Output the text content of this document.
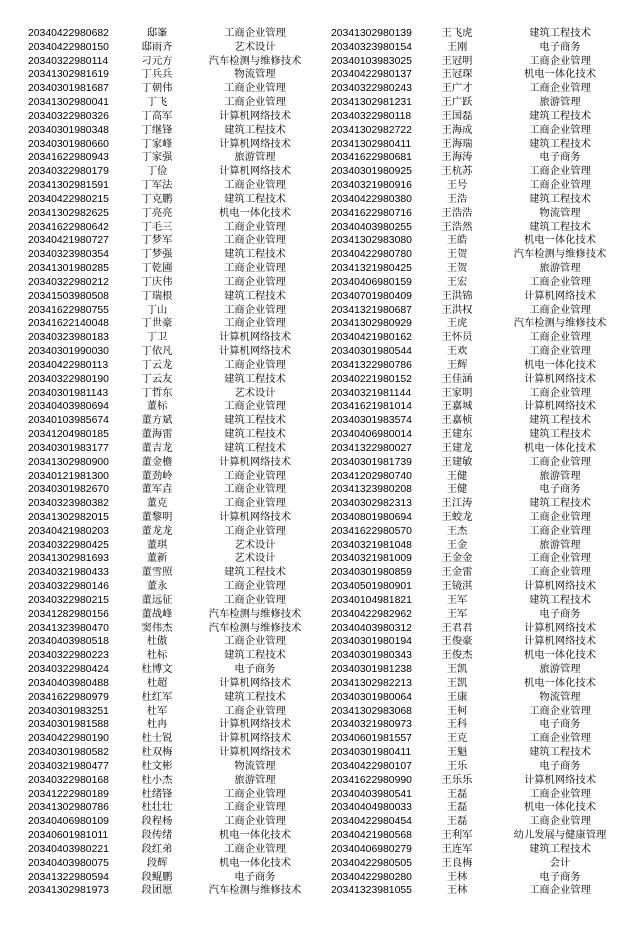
20340422980682	邸峯	工商企业管理
20340422980150	邸雨齐	艺术设计
20340322980114	刁元方	汽车检测与维修技术
20341302981619	丁兵兵	物流管理
20340301981687	丁朝伟	工商企业管理
20341302980041	丁飞	工商企业管理
20340322980326	丁高军	计算机网络技术
20340301980348	丁继锋	建筑工程技术
20340301980660	丁家峰	计算机网络技术
20341622980943	丁家强	旅游管理
20340322980179	丁俭	计算机网络技术
20341302981591	丁军法	工商企业管理
20340422980215	丁克鹏	建筑工程技术
20341302982625	丁亮亮	机电一体化技术
20341622980642	丁毛三	工商企业管理
20340421980727	丁梦军	工商企业管理
20340323980354	丁梦强	建筑工程技术
20341301980285	丁乾圃	工商企业管理
20340322980212	丁庆伟	工商企业管理
20341503980508	丁瑞根	建筑工程技术
20341622980755	丁山	工商企业管理
20341622140048	丁世豪	工商企业管理
20340323980183	丁卫	计算机网络技术
20340301990030	丁依凡	计算机网络技术
20340422980113	丁云龙	工商企业管理
20340322980190	丁云友	建筑工程技术
20340301981143	丁哲东	艺术设计
20340403980694	董标	工商企业管理
20340103985674	董方斌	建筑工程技术
20341204980185	董海雷	建筑工程技术
20340301983177	董吉龙	建筑工程技术
20341302980900	董金檐	计算机网络技术
20340121981300	董劲岭	工商企业管理
20340301982670	董军垚	工商企业管理
20340323980382	董克	工商企业管理
20341302982015	董黎明	计算机网络技术
20340421980203	董龙龙	工商企业管理
20340322980425	董琪	艺术设计
20341302981693	董新	艺术设计
20340321980433	董雪照	建筑工程技术
20340322980146	董永	工商企业管理
20340322980215	董远征	工商企业管理
20341282980156	董战峰	汽车检测与维修技术
20341323980470	窦伟杰	汽车检测与维修技术
20340403980518	杜傲	工商企业管理
20340322980223	杜标	建筑工程技术
20340322980424	杜博文	电子商务
20340403980488	杜超	计算机网络技术
20341622980979	杜红军	建筑工程技术
20340301983251	杜军	工商企业管理
20340301981588	杜冉	计算机网络技术
20340422980190	杜士锐	计算机网络技术
20340301980582	杜双梅	计算机网络技术
20340321980477	杜文彬	物流管理
20340322980168	杜小杰	旅游管理
20341222980189	杜绪锋	工商企业管理
20341302980786	杜壮壮	工商企业管理
20340406980109	段程杨	工商企业管理
20340601981011	段传绪	机电一体化技术
20340403980221	段红弟	工商企业管理
20340403980075	段辉	机电一体化技术
20341322980594	段鲲鹏	电子商务
20341302981973	段团愿	汽车检测与维修技术
20341302980139	王飞虎	建筑工程技术
20340323980154	王刚	电子商务
20340103983025	王冠明	工商企业管理
20340422980137	王冠琛	机电一体化技术
20340322980243	王广才	工商企业管理
20341302981231	王广跃	旅游管理
20340322980118	王国磊	建筑工程技术
20341302982722	王海成	工商企业管理
20341302980411	王海瑞	建筑工程技术
20341622980681	王海涛	电子商务
20340301980925	王杭苏	工商企业管理
20340321980916	王号	工商企业管理
20340422980380	王浩	建筑工程技术
20341622980716	王浩浩	物流管理
20340403980255	王浩然	建筑工程技术
20341302983080	王皓	机电一体化技术
20340422980780	王贺	汽车检测与维修技术
20341321980425	王贺	旅游管理
20340406980159	王宏	工商企业管理
20340701980409	王洪锦	计算机网络技术
20341321980687	王洪权	工商企业管理
20341302980929	王虎	汽车检测与维修技术
20340421980162	王怀员	工商企业管理
20340301980544	王欢	工商企业管理
20341322980786	王辉	机电一体化技术
20340221980152	王佳涵	计算机网络技术
20340321981144	王家明	工商企业管理
20341621981014	王嘉城	计算机网络技术
20340301983574	王嘉桢	建筑工程技术
20340406980014	王建东	建筑工程技术
20341322980027	王建龙	机电一体化技术
20340301981739	王建敏	工商企业管理
20341202980740	王健	旅游管理
20341323980208	王健	电子商务
20340302982313	王江涛	建筑工程技术
20340801980694	王蛟龙	工商企业管理
20341622980570	王杰	工商企业管理
20340321981048	王金	旅游管理
20340321981009	王金金	工商企业管理
20340301980859	王金雷	工商企业管理
20340501980901	王镜淇	计算机网络技术
20340104981821	王军	建筑工程技术
20340422982962	王军	电子商务
20340403980312	王君君	计算机网络技术
20340301980194	王俊豪	计算机网络技术
20340301980343	王俊杰	机电一体化技术
20340301981238	王凯	旅游管理
20341302982213	王凯	机电一体化技术
20340301980064	王康	物流管理
20341302983068	王柯	工商企业管理
20340321980973	王科	电子商务
20340601981557	王克	工商企业管理
20340301980411	王魁	建筑工程技术
20340422980107	王乐	电子商务
20341622980990	王乐乐	计算机网络技术
20340403980541	王磊	工商企业管理
20340404980033	王磊	机电一体化技术
20340422980454	王磊	工商企业管理
20340421980568	王利军	幼儿发展与健康管理
20340406980279	王连军	建筑工程技术
20340422980505	王良梅	会计
20340422980280	王林	电子商务
20341323981055	王林	工商企业管理
